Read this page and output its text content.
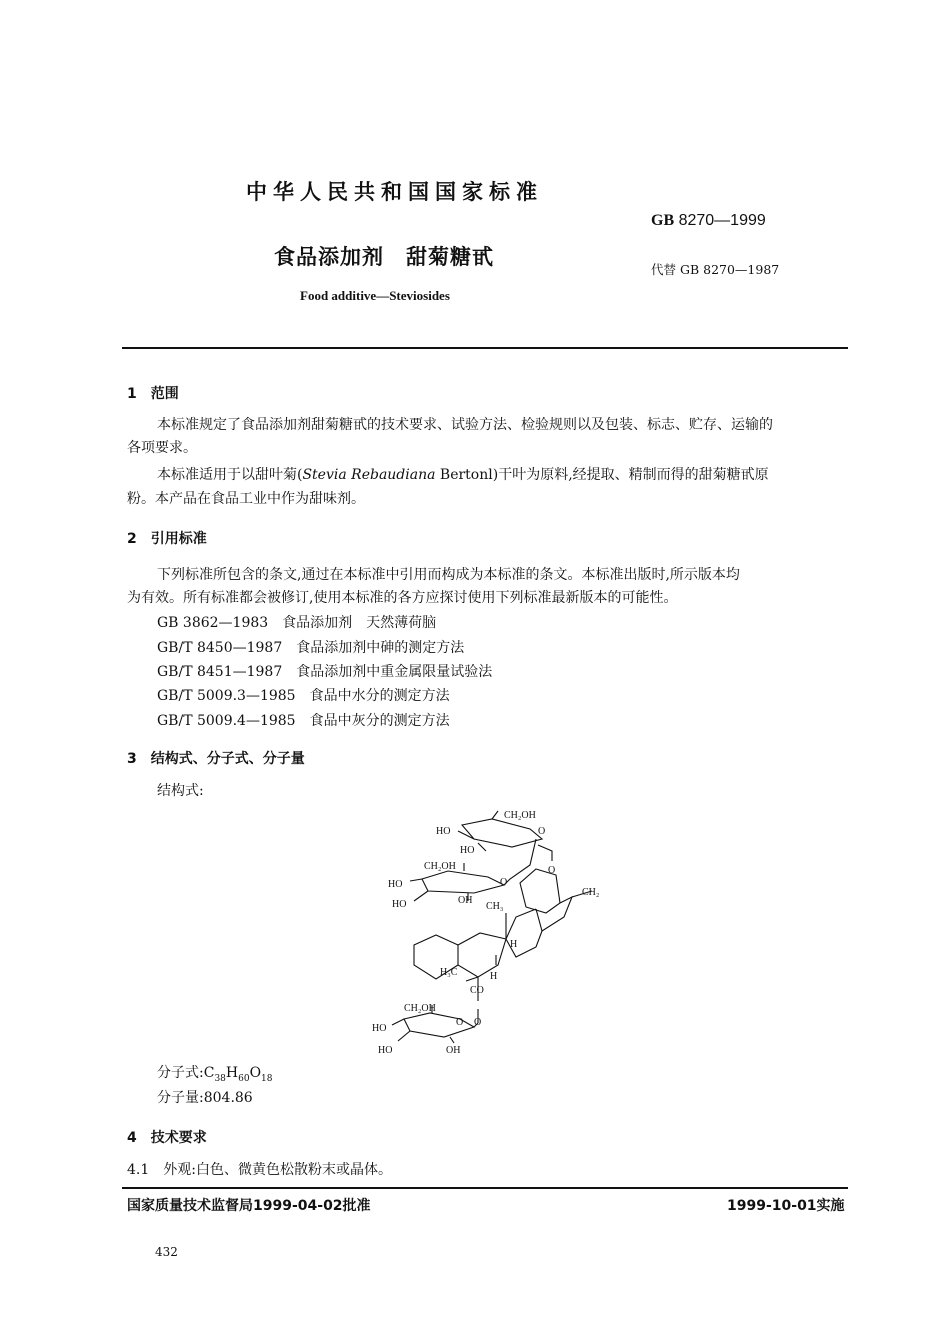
中华人民共和国国家标准
GB 8270—1999
食品添加剂　甜菊糖甙
代替 GB 8270—1987
Food additive—Steviosides
1　范围
本标准规定了食品添加剂甜菊糖甙的技术要求、试验方法、检验规则以及包装、标志、贮存、运输的
各项要求。
本标准适用于以甜叶菊(Stevia Rebaudiana Bertonl)干叶为原料,经提取、精制而得的甜菊糖甙原
粉。本产品在食品工业中作为甜味剂。
2　引用标准
下列标准所包含的条文,通过在本标准中引用而构成为本标准的条文。本标准出版时,所示版本均
为有效。所有标准都会被修订,使用本标准的各方应探讨使用下列标准最新版本的可能性。
GB 3862—1983　食品添加剂　天然薄荷脑
GB/T 8450—1987　食品添加剂中砷的测定方法
GB/T 8451—1987　食品添加剂中重金属限量试验法
GB/T 5009.3—1985　食品中水分的测定方法
GB/T 5009.4—1985　食品中灰分的测定方法
3　结构式、分子式、分子量
结构式:
CH₂OH
HO
HO
O
O
CH₂OH
HO
HO	OH
O
CH₃
CH₂
H
H
H₃C
CO
CH₂OH
HO
HO	OH
O O
分子式$:C_{38}H_{60}O_{18}$
分子量:804.86
4　技术要求
4.1　外观:白色、微黄色松散粉末或晶体。
国家质量技术监督局1999-04-02批准	1999-10-01实施
432
